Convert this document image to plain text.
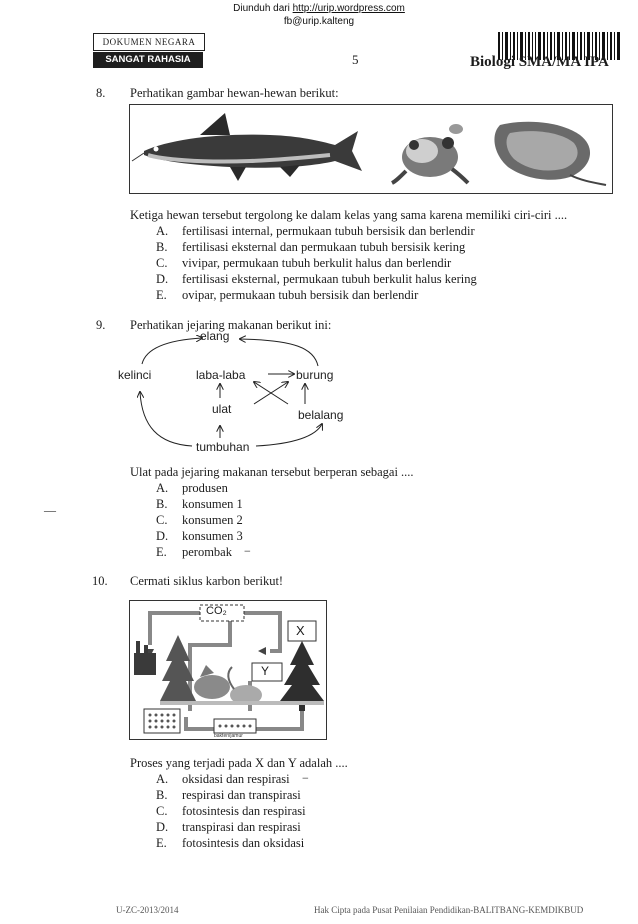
Diunduh dari http://urip.wordpress.com
fb@urip.kalteng
DOKUMEN NEGARA
SANGAT RAHASIA	5	Biologi SMA/MA IPA
8. Perhatikan gambar hewan-hewan berikut:
Ketiga hewan tersebut tergolong ke dalam kelas yang sama karena memiliki ciri-ciri ....
A. fertilisasi internal, permukaan tubuh bersisik dan berlendir
B. fertilisasi eksternal dan permukaan tubuh bersisik kering
C. vivipar, permukaan tubuh berkulit halus dan berlendir
D. fertilisasi eksternal, permukaan tubuh berkulit halus kering
E. ovipar, permukaan tubuh bersisik dan berlendir
9. Perhatikan jejaring makanan berikut ini:
elang
kelinci	laba-laba	burung
ulat	belalang
tumbuhan
Ulat pada jejaring makanan tersebut berperan sebagai ....
A. produsen
B. konsumen 1
C. konsumen 2
D. konsumen 3
E. perombak −
—
10. Cermati siklus karbon berikut!
CO₂
X
Y
bakteri/jamur
Proses yang terjadi pada X dan Y adalah ....
A. oksidasi dan respirasi
B. respirasi dan transpirasi
C. fotosintesis dan respirasi
D. transpirasi dan respirasi
E. fotosintesis dan oksidasi
−
U-ZC-2013/2014	Hak Cipta pada Pusat Penilaian Pendidikan-BALITBANG-KEMDIKBUD
